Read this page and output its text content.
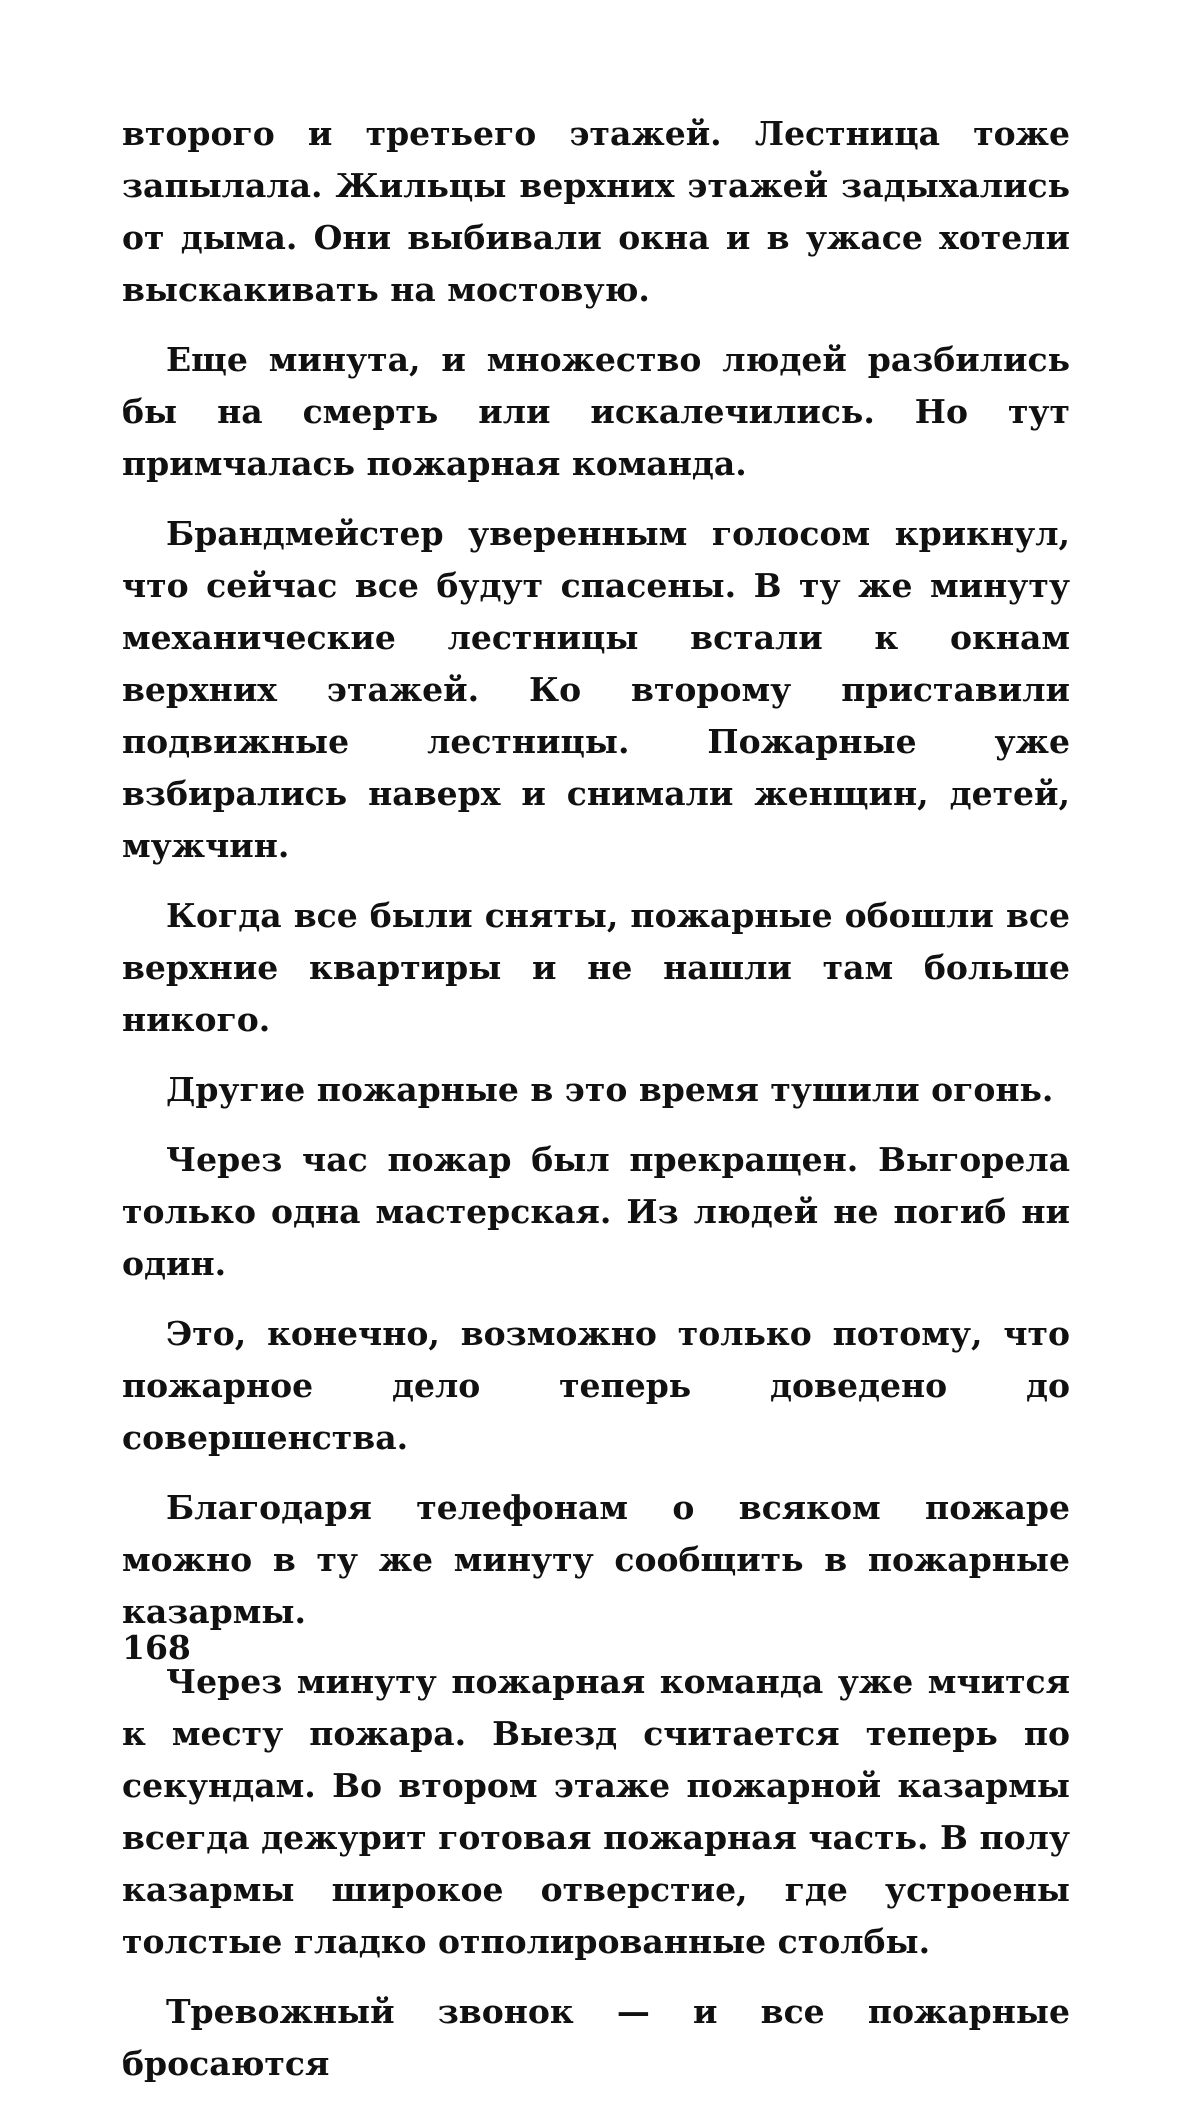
второго и третьего этажей. Лестница тоже запылала. Жильцы верхних этажей задыхались от дыма. Они выбивали окна и в ужасе хотели выскакивать на мостовую.

Еще минута, и множество людей разбились бы на смерть или искалечились. Но тут примчалась пожарная команда.

Брандмейстер уверенным голосом крикнул, что сейчас все будут спасены. В ту же минуту механические лестницы встали к окнам верхних этажей. Ко второму приставили подвижные лестницы. Пожарные уже взбирались наверх и снимали женщин, детей, мужчин.

Когда все были сняты, пожарные обошли все верхние квартиры и не нашли там больше никого.

Другие пожарные в это время тушили огонь.

Через час пожар был прекращен. Выгорела только одна мастерская. Из людей не погиб ни один.

Это, конечно, возможно только потому, что пожарное дело теперь доведено до совершенства.

Благодаря телефонам о всяком пожаре можно в ту же минуту сообщить в пожарные казармы.

Через минуту пожарная команда уже мчится к месту пожара. Выезд считается теперь по секундам. Во втором этаже пожарной казармы всегда дежурит готовая пожарная часть. В полу казармы широкое отверстие, где устроены толстые гладко отполированные столбы.

Тревожный звонок — и все пожарные бросаются

168
